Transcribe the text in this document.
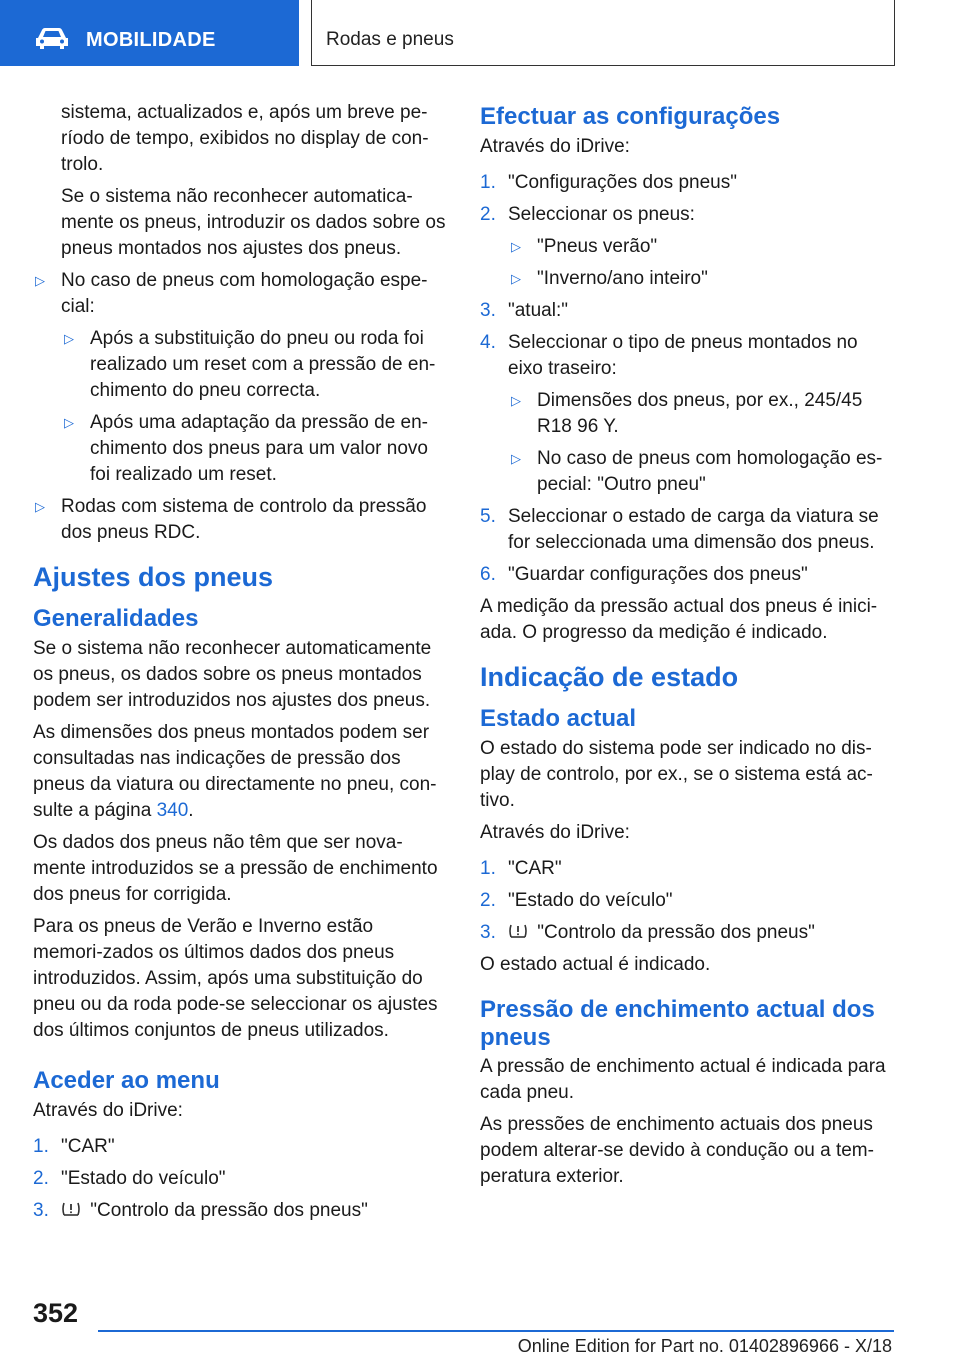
MOBILIDADE	Rodas e pneus

sistema, actualizados e, após um breve pe‐ríodo de tempo, exibidos no display de con‐trolo.

Se o sistema não reconhecer automatica‐mente os pneus, introduzir os dados sobre os pneus montados nos ajustes dos pneus.

▷ No caso de pneus com homologação espe‐cial:
▷ Após a substituição do pneu ou roda foi realizado um reset com a pressão de en‐chimento do pneu correcta.
▷ Após uma adaptação da pressão de en‐chimento dos pneus para um valor novo foi realizado um reset.
▷ Rodas com sistema de controlo da pressão dos pneus RDC.
Ajustes dos pneus
Generalidades

Se o sistema não reconhecer automaticamente os pneus, os dados sobre os pneus montados podem ser introduzidos nos ajustes dos pneus.

As dimensões dos pneus montados podem ser consultadas nas indicações de pressão dos pneus da viatura ou directamente no pneu, con‐sulte a página 340.

Os dados dos pneus não têm que ser nova‐mente introduzidos se a pressão de enchimento dos pneus for corrigida.

Para os pneus de Verão e Inverno estão memori‐zados os últimos dados dos pneus introduzidos. Assim, após uma substituição do pneu ou da roda pode-se seleccionar os ajustes dos últimos conjuntos de pneus utilizados.

Aceder ao menu

Através do iDrive:

1. "CAR"
2. "Estado do veículo"
3. "Controlo da pressão dos pneus"
Efectuar as configurações

Através do iDrive:

1. "Configurações dos pneus"
2. Seleccionar os pneus:
▷ "Pneus verão"
▷ "Inverno/ano inteiro"
3. "atual:"
4. Seleccionar o tipo de pneus montados no eixo traseiro:
▷ Dimensões dos pneus, por ex., 245/45 R18 96 Y.
▷ No caso de pneus com homologação es‐pecial: "Outro pneu"
5. Seleccionar o estado de carga da viatura se for seleccionada uma dimensão dos pneus.
6. "Guardar configurações dos pneus"

A medição da pressão actual dos pneus é inici‐ada. O progresso da medição é indicado.

Indicação de estado
Estado actual

O estado do sistema pode ser indicado no dis‐play de controlo, por ex., se o sistema está ac‐tivo.

Através do iDrive:

1. "CAR"
2. "Estado do veículo"
3. "Controlo da pressão dos pneus"

O estado actual é indicado.

Pressão de enchimento actual dos pneus

A pressão de enchimento actual é indicada para cada pneu.

As pressões de enchimento actuais dos pneus podem alterar-se devido à condução ou a tem‐peratura exterior.

352
Online Edition for Part no. 01402896966 - X/18
